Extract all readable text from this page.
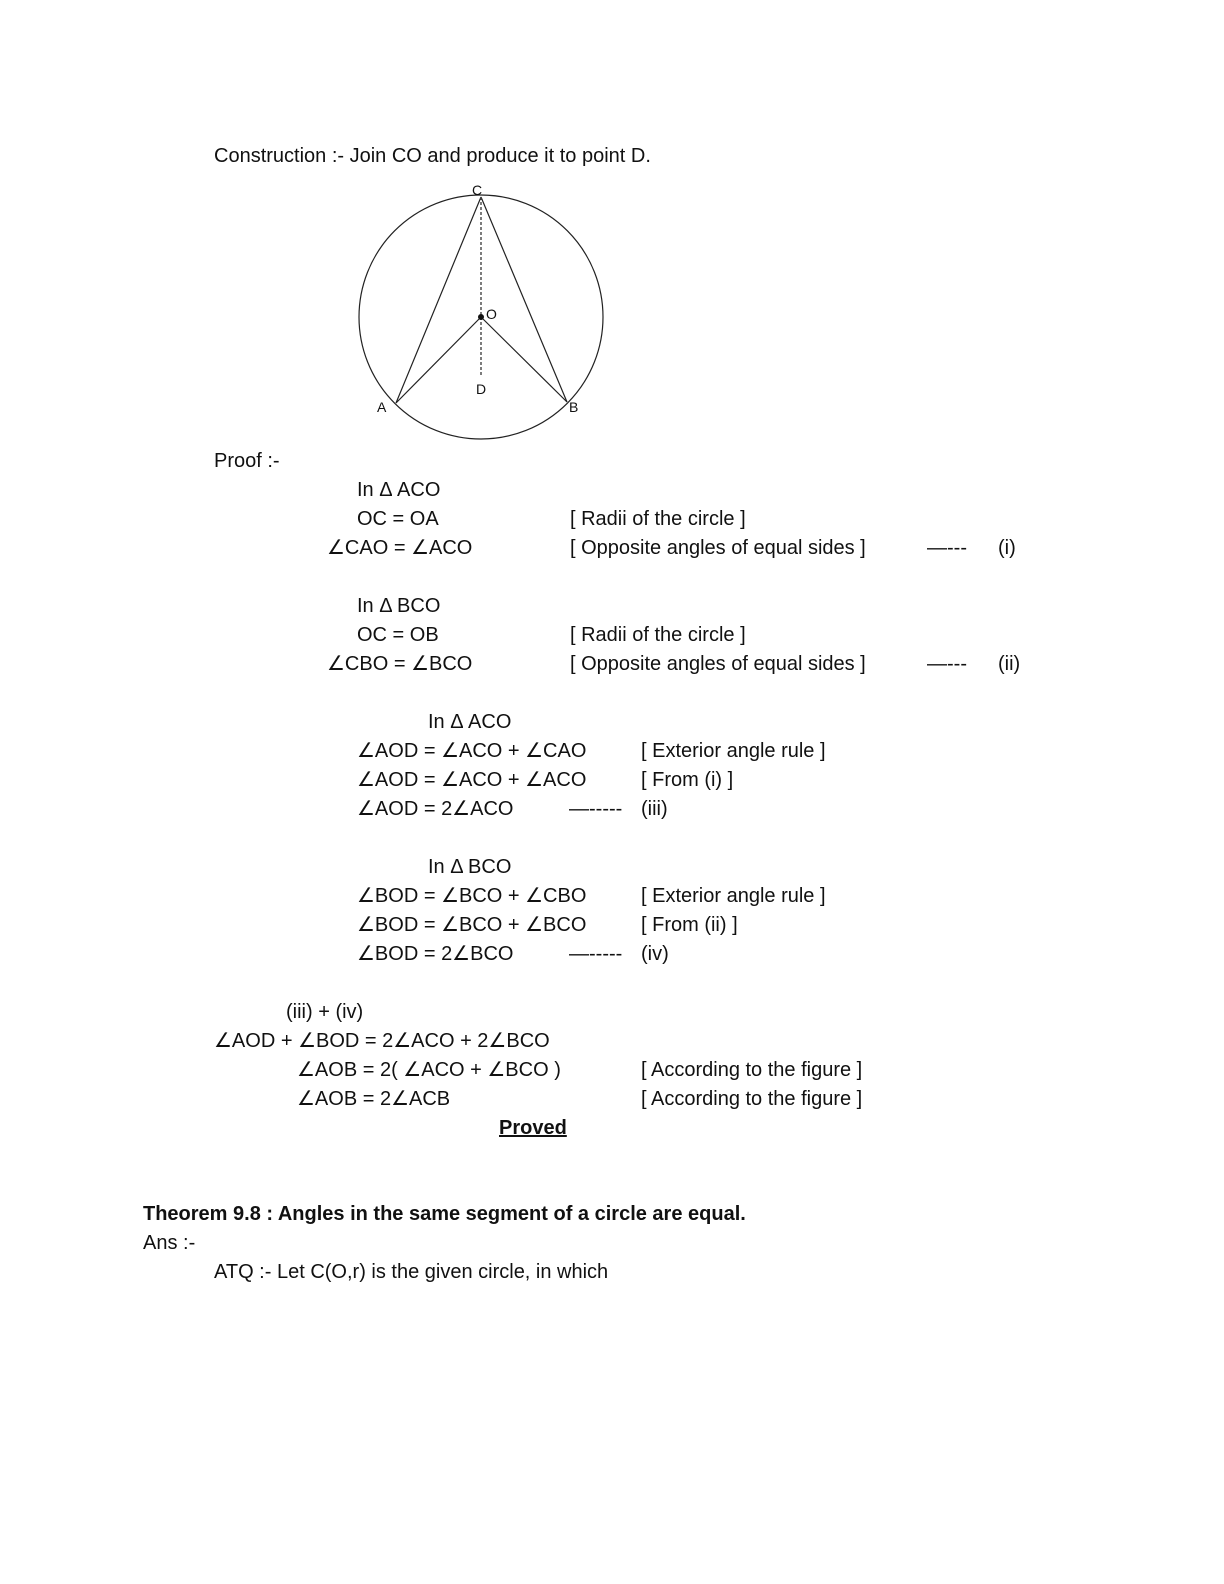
Construction :- Join CO and produce it to point D.
C
O
D
A	B
Proof :-
In Δ ACO
OC = OA	[ Radii of the circle ]
∠CAO = ∠ACO	[ Opposite angles of equal sides ]	—--- (i)
In Δ BCO
OC = OB	[ Radii of the circle ]
∠CBO = ∠BCO	[ Opposite angles of equal sides ]	—--- (ii)
In Δ ACO
∠AOD = ∠ACO + ∠CAO	[ Exterior angle rule ]
∠AOD = ∠ACO + ∠ACO	[ From (i) ]
∠AOD = 2∠ACO	—----- (iii)
In Δ BCO
∠BOD = ∠BCO + ∠CBO	[ Exterior angle rule ]
∠BOD = ∠BCO + ∠BCO	[ From (ii) ]
∠BOD = 2∠BCO	—----- (iv)
(iii) + (iv)
∠AOD + ∠BOD = 2∠ACO + 2∠BCO
∠AOB = 2( ∠ACO + ∠BCO )	[ According to the figure ]
∠AOB = 2∠ACB	[ According to the figure ]
Proved
Theorem 9.8 : Angles in the same segment of a circle are equal.
Ans :-
ATQ :- Let C(O,r) is the given circle, in which
